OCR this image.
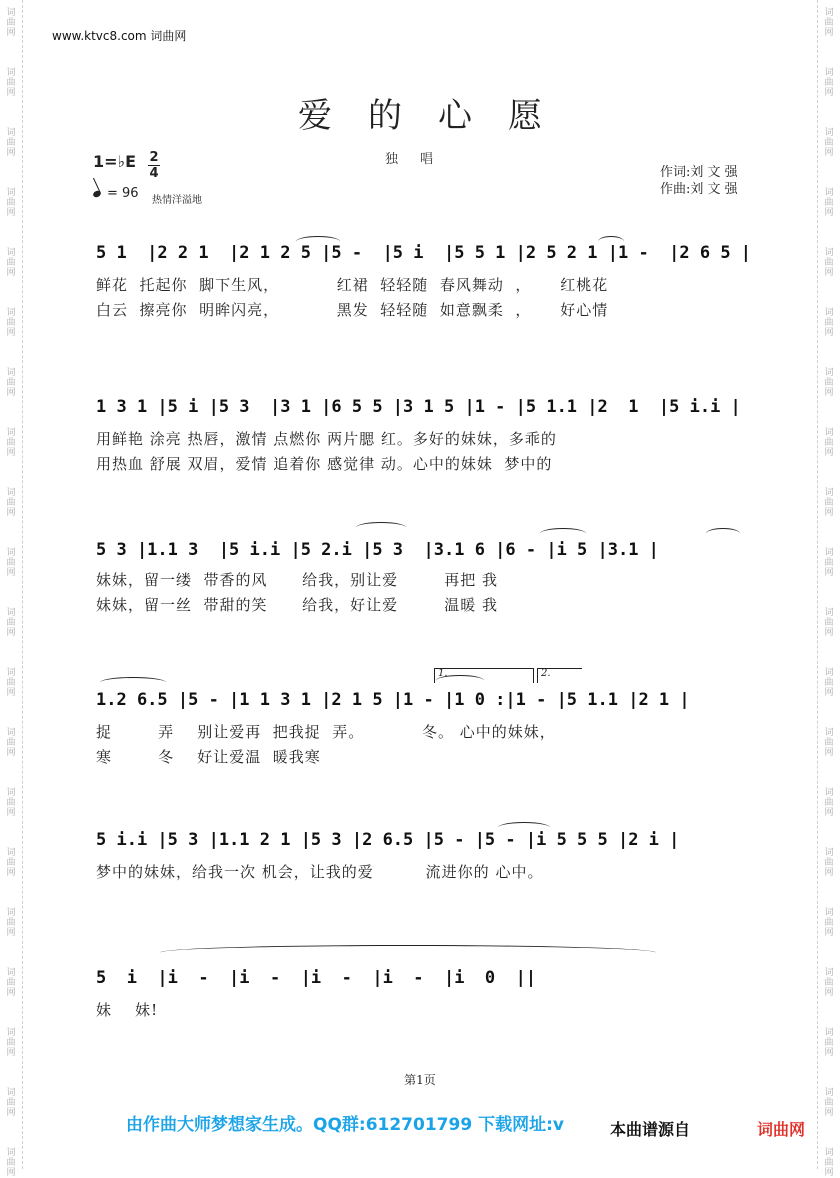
词
曲
网
词
曲
网
词
曲
网
词
曲
网
词
曲
网
词
曲
网
词
曲
网
词
曲
网
词
曲
网
词
曲
网
词
曲
网
词
曲
网
词
曲
网
词
曲
网
词
曲
网
词
曲
网
词
曲
网
词
曲
网
词
曲
网
词
曲
网
词
曲
网
词
曲
网
词
曲
网
词
曲
网
词
曲
网
词
曲
网
词
曲
网
词
曲
网
词
曲
网
词
曲
网
词
曲
网
词
曲
网
词
曲
网
词
曲
网
词
曲
网
词
曲
网
词
曲
网
词
曲
网
词
曲
网
词
曲
网
www.ktvc8.com 词曲网
爱的心愿
独唱
1=♭E 2
4
= 96 热情洋溢地
作词:刘 文 强
作曲:刘 文 强
5 1  |2 2 1  |2 1 2 5 |5 -  |5 i  |5 5 1 |2 5 2 1 |1 -  |2 6 5 |
鲜花  托起你  脚下生风，          红裙  轻轻随  春风舞动  ，     红桃花
白云  擦亮你  明眸闪亮，          黑发  轻轻随  如意飘柔  ，     好心情
1 3 1 |5 i |5 3  |3 1 |6 5 5 |3 1 5 |1 - |5 1.1 |2  1  |5 i.i |
用鲜艳 涂亮 热唇，激情 点燃你 两片腮 红。多好的妹妹，多乖的
用热血 舒展 双眉，爱情 追着你 感觉律 动。心中的妹妹  梦中的
5 3 |1.1 3  |5 i.i |5 2.i |5 3  |3.1 6 |6 - |i 5 |3.1 |
妹妹，留一缕  带香的风      给我，别让爱        再把 我
妹妹，留一丝  带甜的笑      给我，好让爱        温暖 我
1.2 6.5 |5 - |1 1 3 1 |2 1 5 |1 - |1 0 :|1 - |5 1.1 |2 1 |
捉        弄    别让爱再  把我捉  弄。          冬。 心中的妹妹，
寒        冬    好让爱温  暖我寒
1.	2.
5 i.i |5 3 |1.1 2 1 |5 3 |2 6.5 |5 - |5 - |i 5 5 5 |2 i |
梦中的妹妹，给我一次 机会，让我的爱         流进你的 心中。
5  i  |i  -  |i  -  |i  -  |i  -  |i  0  ||
妹    妹!
第1页
由作曲大师梦想家生成。QQ群:612701799 下载网址:v	本曲谱源自	词曲网
